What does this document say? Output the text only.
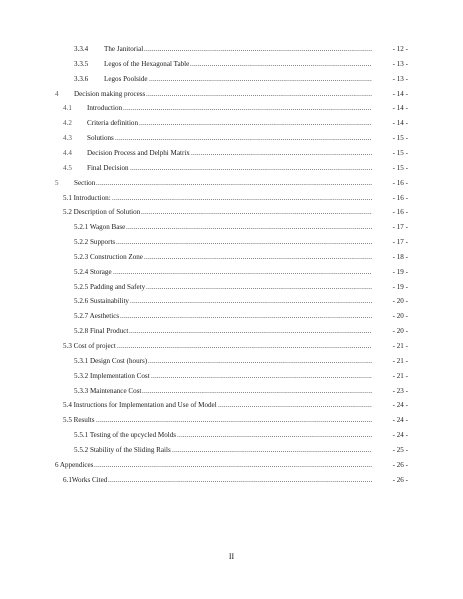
3.3.4 The Janitorial .....	- 12 -
3.3.5 Legos of the Hexagonal Table .....	- 13 -
3.3.6 Legos Poolside .....	- 13 -
4 Decision making process .....	- 14 -
4.1 Introduction .....	- 14 -
4.2 Criteria definition .....	- 14 -
4.3 Solutions .....	- 15 -
4.4 Decision Process and Delphi Matrix .....	- 15 -
4.5 Final Decision .....	- 15 -
5 Section .....	- 16 -
5.1 Introduction: .....	- 16 -
5.2 Description of Solution .....	- 16 -
5.2.1 Wagon Base .....	- 17 -
5.2.2 Supports .....	- 17 -
5.2.3 Construction Zone .....	- 18 -
5.2.4 Storage .....	- 19 -
5.2.5 Padding and Safety .....	- 19 -
5.2.6 Sustainability .....	- 20 -
5.2.7 Aesthetics .....	- 20 -
5.2.8 Final Product .....	- 20 -
5.3 Cost of project .....	- 21 -
5.3.1 Design Cost (hours) .....	- 21 -
5.3.2 Implementation Cost .....	- 21 -
5.3.3 Maintenance Cost .....	- 23 -
5.4 Instructions for Implementation and Use of Model .....	- 24 -
5.5 Results .....	- 24 -
5.5.1 Testing of the upcycled Molds .....	- 24 -
5.5.2 Stability of the Sliding Rails .....	- 25 -
6 Appendices .....	- 26 -
6.1Works Cited .....	- 26 -
II
